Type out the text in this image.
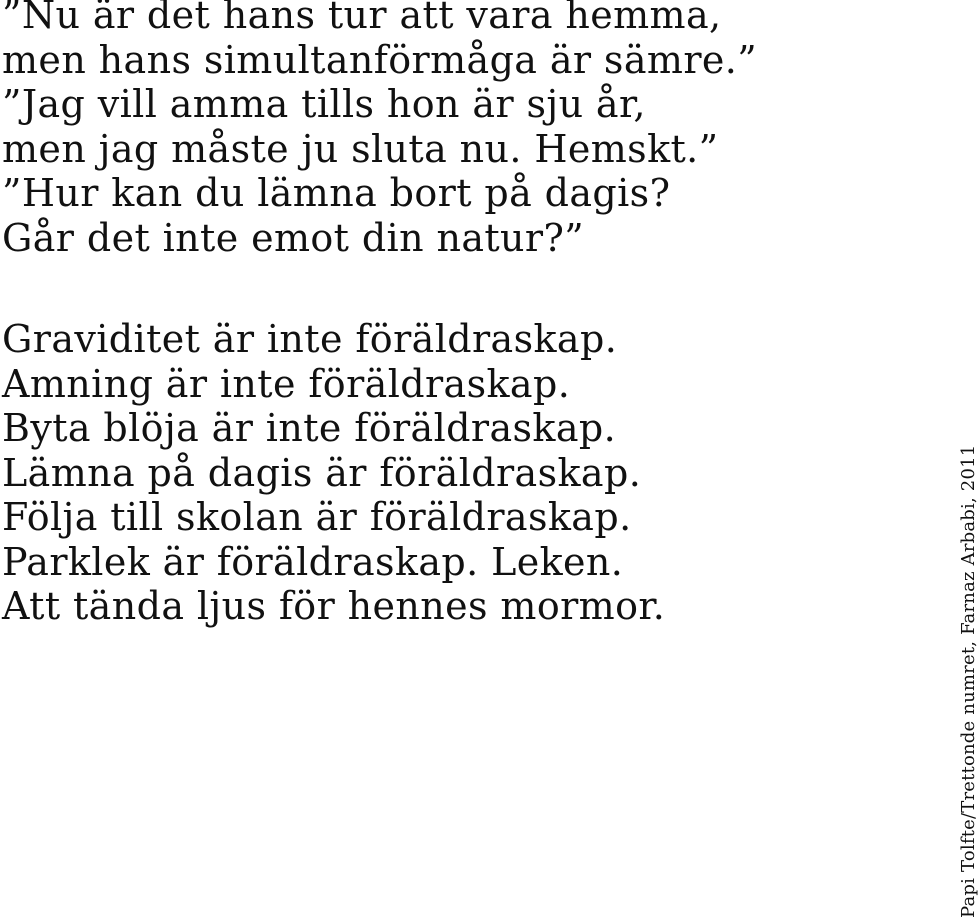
”Nu är det hans tur att vara hemma,
men hans simultanförmåga är sämre.”
”Jag vill amma tills hon är sju år,
men jag måste ju sluta nu. Hemskt.”
”Hur kan du lämna bort på dagis?
Går det inte emot din natur?”

Graviditet är inte föräldraskap.
Amning är inte föräldraskap.
Byta blöja är inte föräldraskap.
Lämna på dagis är föräldraskap.
Följa till skolan är föräldraskap.
Parklek är föräldraskap. Leken.
Att tända ljus för hennes mormor.	Papi Tolfte/Trettonde numret, Farnaz Arbabi, 2011
